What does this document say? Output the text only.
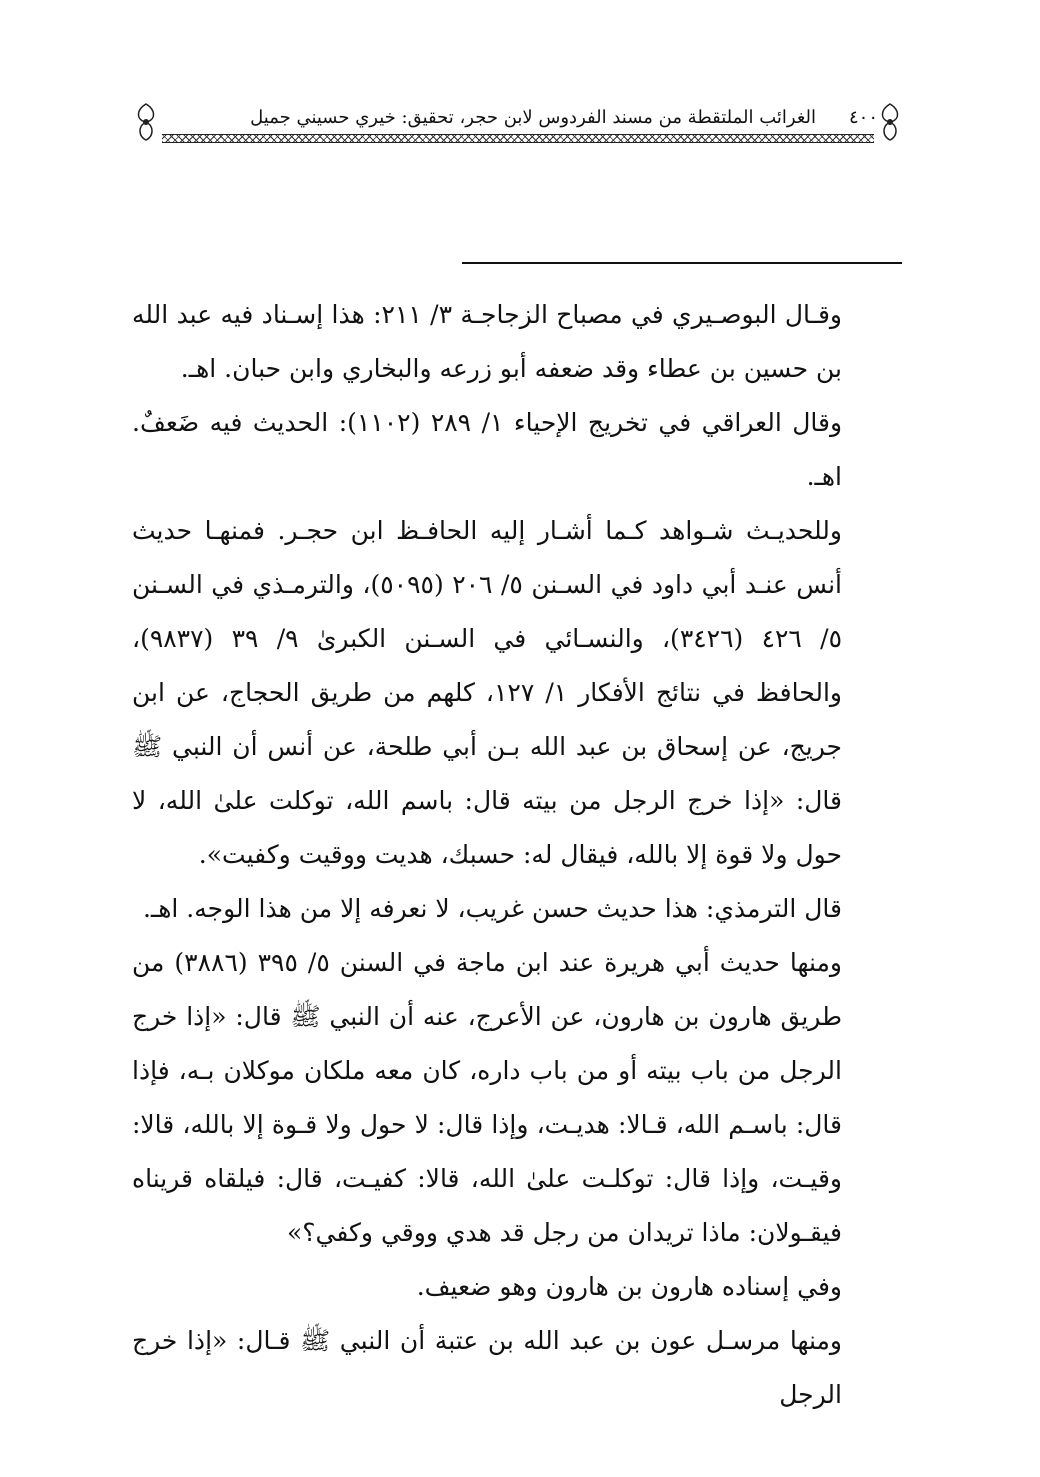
٤٠٠
الغرائب الملتقطة من مسند الفردوس لابن حجر، تحقيق: خيري حسيني جميل

وقـال البوصـيري في مصباح الزجاجـة ٣/ ٢١١: هذا إسـناد فيه عبد الله بن حسين بن عطاء وقد ضعفه أبو زرعه والبخاري وابن حبان. اهـ.

وقال العراقي في تخريج الإحياء ١/ ٢٨٩ (١١٠٢): الحديث فيه ضَعفٌ. اهـ.

وللحديـث شـواهد كـما أشـار إليه الحافـظ ابن حجـر. فمنهـا حديث أنس عنـد أبي داود في السـنن ٥/ ٢٠٦ (٥٠٩٥)، والترمـذي في السـنن ٥/ ٤٢٦ (٣٤٢٦)، والنسـائي في السـنن الكبرىٰ ٩/ ٣٩ (٩٨٣٧)، والحافظ في نتائج الأفكار ١/ ١٢٧، كلهم من طريق الحجاج، عن ابن جريج، عن إسحاق بن عبد الله بـن أبي طلحة، عن أنس أن النبي ﷺ قال: «إذا خرج الرجل من بيته قال: باسم الله، توكلت علىٰ الله، لا حول ولا قوة إلا بالله، فيقال له: حسبك، هديت ووقيت وكفيت».

قال الترمذي: هذا حديث حسن غريب، لا نعرفه إلا من هذا الوجه. اهـ.

ومنها حديث أبي هريرة عند ابن ماجة في السنن ٥/ ٣٩٥ (٣٨٨٦) من طريق هارون بن هارون، عن الأعرج، عنه أن النبي ﷺ قال: «إذا خرج الرجل من باب بيته أو من باب داره، كان معه ملكان موكلان بـه، فإذا قال: باسـم الله، قـالا: هديـت، وإذا قال: لا حول ولا قـوة إلا بالله، قالا: وقيـت، وإذا قال: توكلـت علىٰ الله، قالا: كفيـت، قال: فيلقاه قريناه فيقـولان: ماذا تريدان من رجل قد هدي ووقي وكفي؟»

وفي إسناده هارون بن هارون وهو ضعيف.

ومنها مرسـل عون بن عبد الله بن عتبة أن النبي ﷺ قـال: «إذا خرج الرجل
